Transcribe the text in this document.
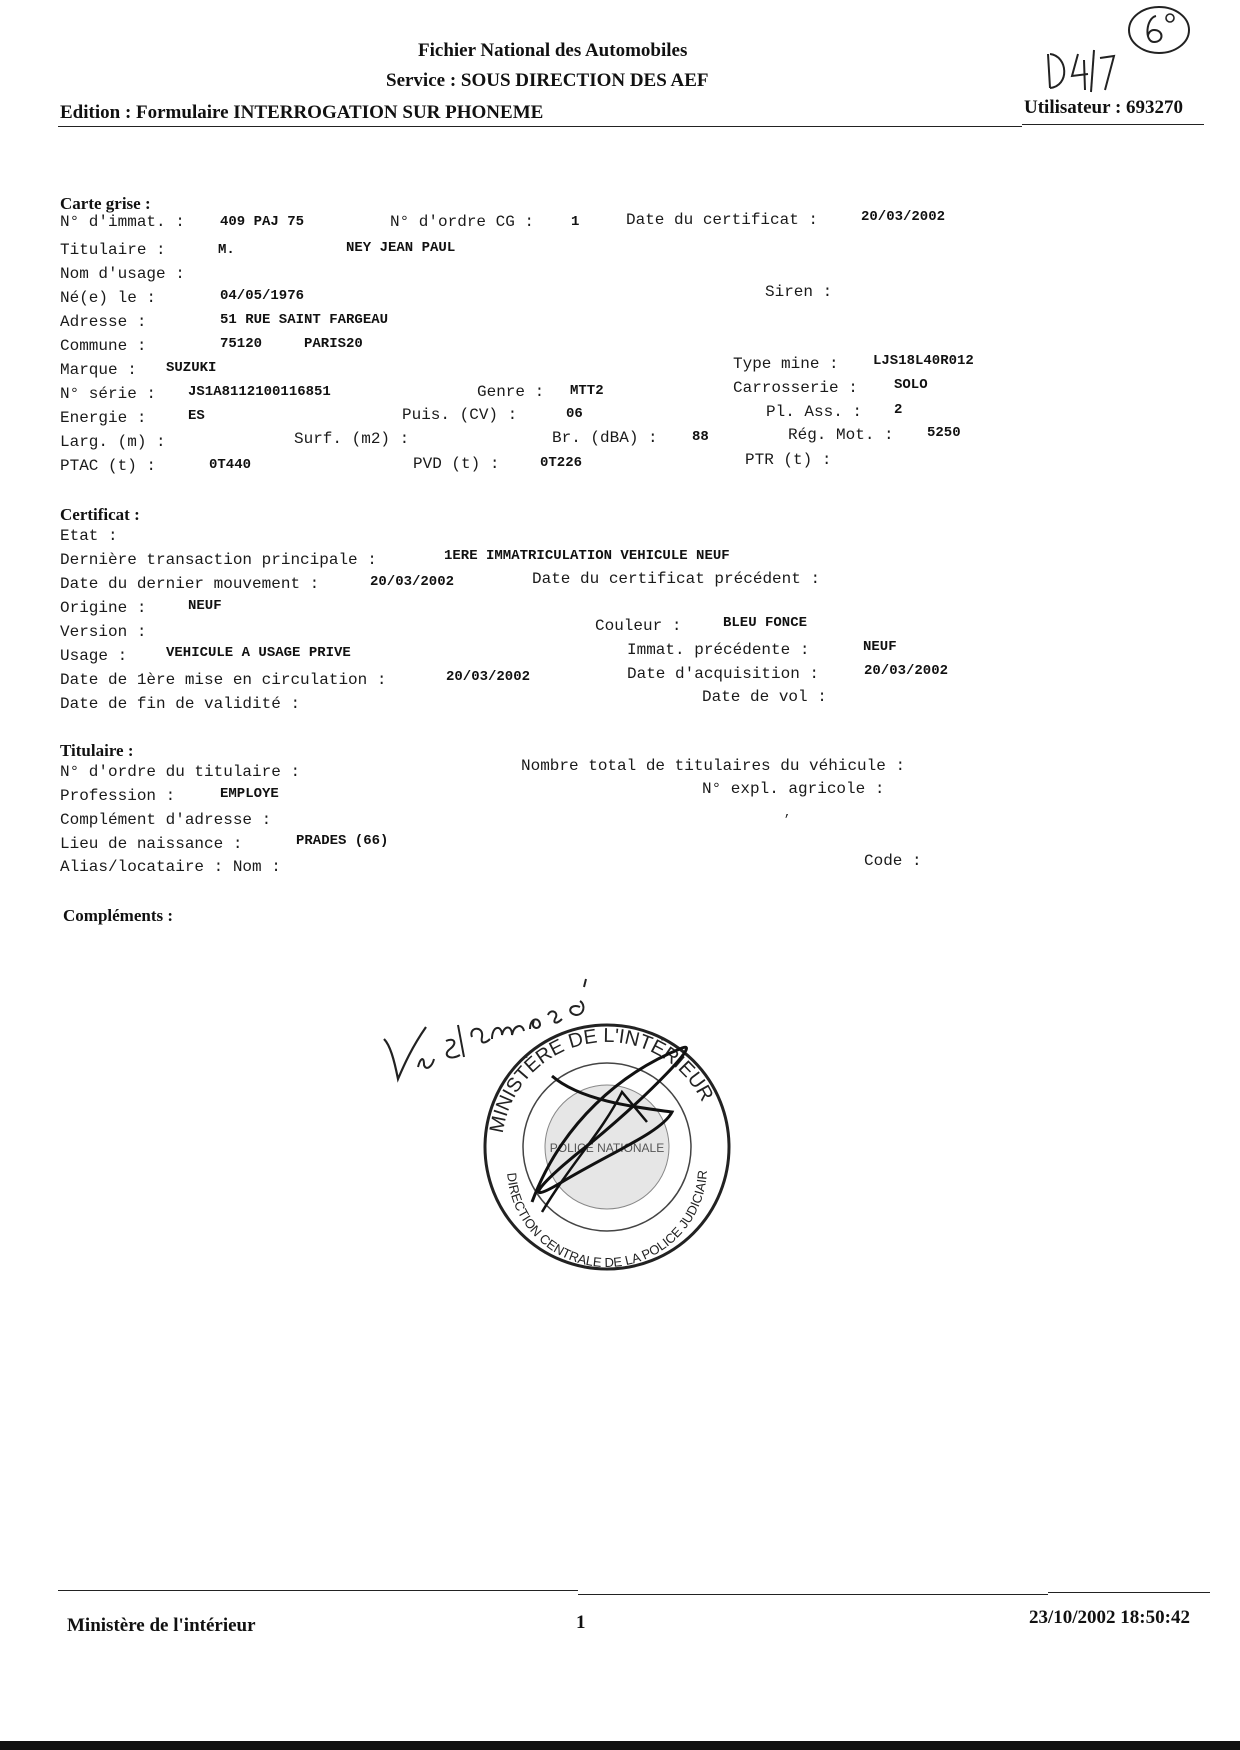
Fichier National des Automobiles
Service : SOUS DIRECTION DES AEF
Edition : Formulaire INTERROGATION SUR PHONEME	Utilisateur : 693270
Carte grise :
N° d'immat. :	409 PAJ 75	N° d'ordre CG :	1	Date du certificat :	20/03/2002
Titulaire :	M.	NEY JEAN PAUL
Nom d'usage :
Né(e) le :	04/05/1976	Siren :
Adresse :	51 RUE SAINT FARGEAU
Commune :	75120	PARIS20
Marque : SUZUKI	Type mine : LJS18L40R012
N° série : JS1A8112100116851	Genre : MTT2	Carrosserie :	SOLO
Energie :	ES	Puis. (CV) :	06	Pl. Ass. : 2
Larg. (m) :	Surf. (m2) :	Br. (dBA) : 88	Rég. Mot. : 5250
PTAC (t) :	0T440	PVD (t) :	0T226	PTR (t) :
Certificat :
Etat :
Dernière transaction principale :	1ERE IMMATRICULATION VEHICULE NEUF
Date du dernier mouvement :	20/03/2002	Date du certificat précédent :
Origine :	NEUF
Version :	Couleur :	BLEU FONCE
Usage :	VEHICULE A USAGE PRIVE	Immat. précédente :	NEUF
Date de 1ère mise en circulation :	20/03/2002	Date d'acquisition :	20/03/2002
Date de fin de validité :	Date de vol :
Titulaire :
N° d'ordre du titulaire :	Nombre total de titulaires du véhicule :
Profession :	EMPLOYE	N° expl. agricole :
Complément d'adresse :	,
Lieu de naissance :	PRADES (66)
Alias/locataire : Nom :	Code :
Compléments :
MINISTÈRE DE L'INTÉRIEUR
DIRECTION CENTRALE DE LA POLICE JUDICIAIR
POLICE NATIONALE
Ministère de l'intérieur	1	23/10/2002 18:50:42
